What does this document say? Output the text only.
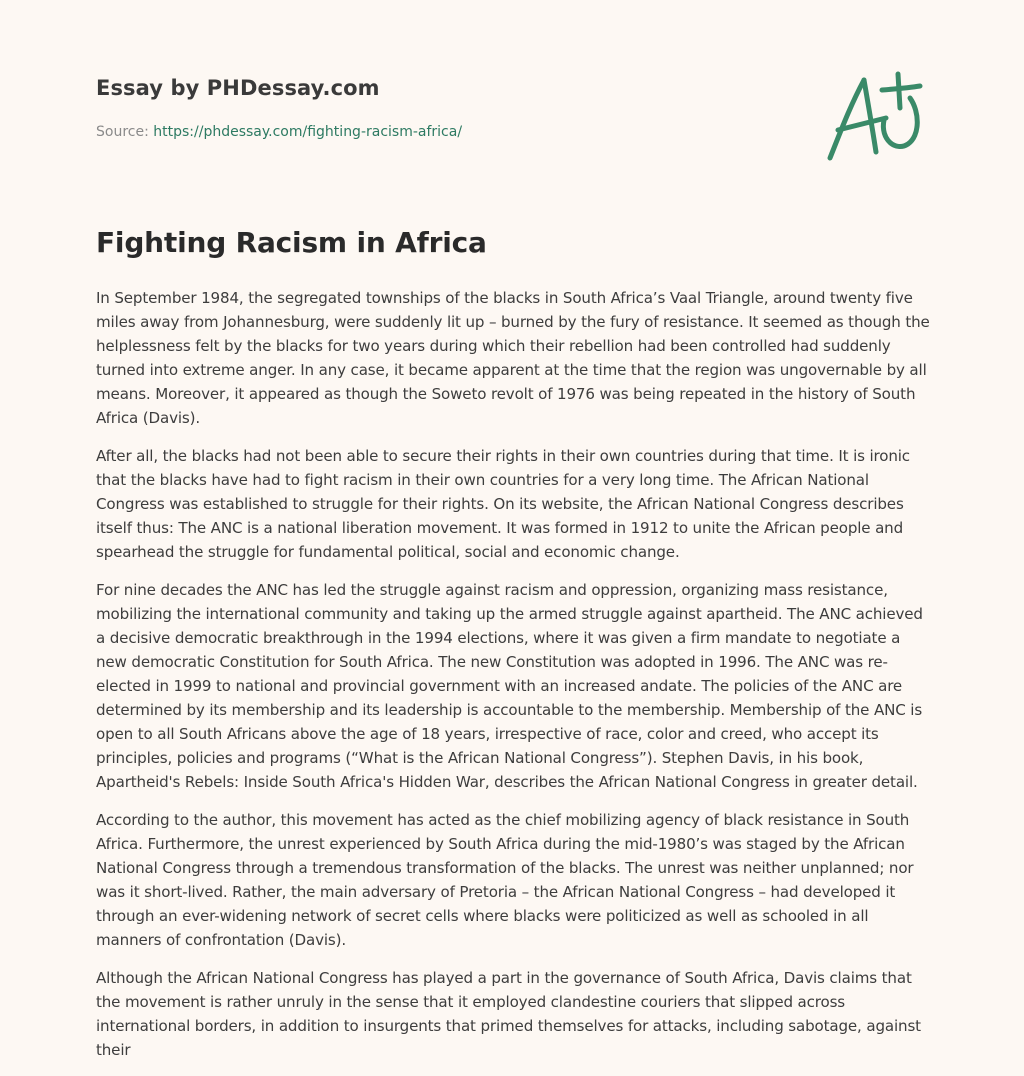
Essay by PHDessay.com

Source: https://phdessay.com/fighting-racism-africa/

Fighting Racism in Africa

In September 1984, the segregated townships of the blacks in South Africa’s Vaal Triangle, around twenty five miles away from Johannesburg, were suddenly lit up – burned by the fury of resistance. It seemed as though the helplessness felt by the blacks for two years during which their rebellion had been controlled had suddenly turned into extreme anger. In any case, it became apparent at the time that the region was ungovernable by all means. Moreover, it appeared as though the Soweto revolt of 1976 was being repeated in the history of South Africa (Davis).

After all, the blacks had not been able to secure their rights in their own countries during that time. It is ironic that the blacks have had to fight racism in their own countries for a very long time. The African National Congress was established to struggle for their rights. On its website, the African National Congress describes itself thus: The ANC is a national liberation movement. It was formed in 1912 to unite the African people and spearhead the struggle for fundamental political, social and economic change.

For nine decades the ANC has led the struggle against racism and oppression, organizing mass resistance, mobilizing the international community and taking up the armed struggle against apartheid. The ANC achieved a decisive democratic breakthrough in the 1994 elections, where it was given a firm mandate to negotiate a new democratic Constitution for South Africa. The new Constitution was adopted in 1996. The ANC was re-elected in 1999 to national and provincial government with an increased andate. The policies of the ANC are determined by its membership and its leadership is accountable to the membership. Membership of the ANC is open to all South Africans above the age of 18 years, irrespective of race, color and creed, who accept its principles, policies and programs (“What is the African National Congress”). Stephen Davis, in his book, Apartheid's Rebels: Inside South Africa's Hidden War, describes the African National Congress in greater detail.

According to the author, this movement has acted as the chief mobilizing agency of black resistance in South Africa. Furthermore, the unrest experienced by South Africa during the mid-1980’s was staged by the African National Congress through a tremendous transformation of the blacks. The unrest was neither unplanned; nor was it short-lived. Rather, the main adversary of Pretoria – the African National Congress – had developed it through an ever-widening network of secret cells where blacks were politicized as well as schooled in all manners of confrontation (Davis).

Although the African National Congress has played a part in the governance of South Africa, Davis claims that the movement is rather unruly in the sense that it employed clandestine couriers that slipped across international borders, in addition to insurgents that primed themselves for attacks, including sabotage, against their
